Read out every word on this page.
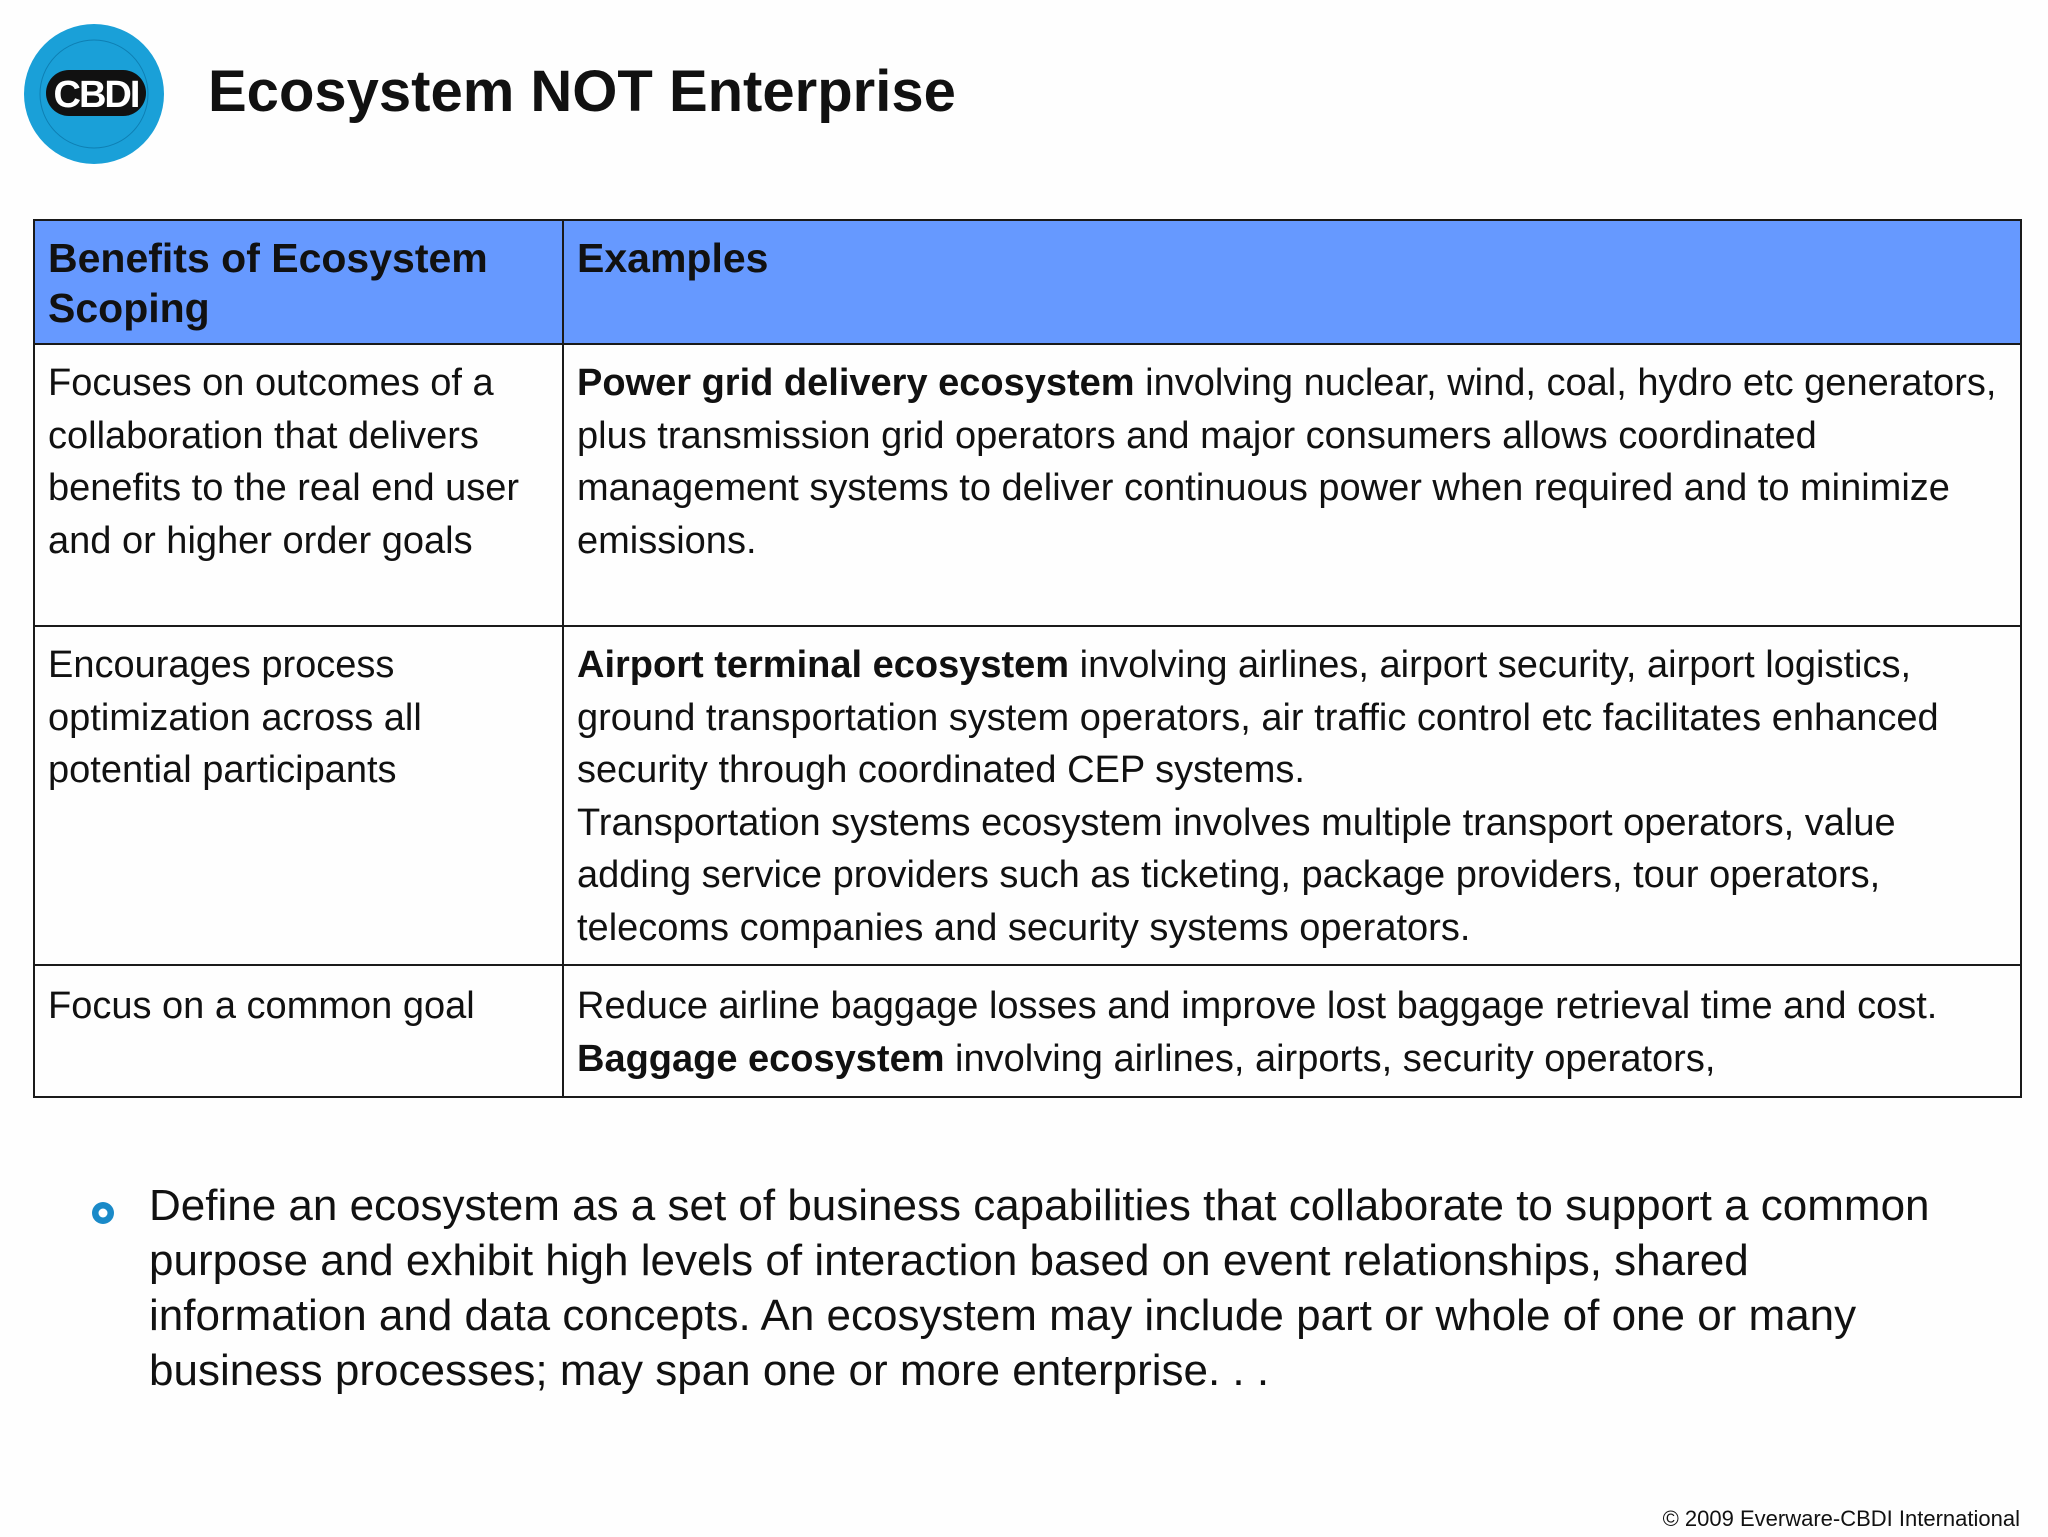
CBDI Ecosystem NOT Enterprise
Benefits of Ecosystem Scoping	Examples
Focuses on outcomes of a collaboration that delivers benefits to the real end user and or higher order goals	Power grid delivery ecosystem involving nuclear, wind, coal, hydro etc generators, plus transmission grid operators and major consumers allows coordinated management systems to deliver continuous power when required and to minimize emissions.

Encourages process optimization across all potential participants	Airport terminal ecosystem involving airlines, airport security, airport logistics, ground transportation system operators, air traffic control etc facilitates enhanced security through coordinated CEP systems.

Transportation systems ecosystem involves multiple transport operators, value adding service providers such as ticketing, package providers, tour operators, telecoms companies and security systems operators.

Focus on a common goal	Reduce airline baggage losses and improve lost baggage retrieval time and cost.

Baggage ecosystem involving airlines, airports, security operators,

Define an ecosystem as a set of business capabilities that collaborate to support a common purpose and exhibit high levels of interaction based on event relationships, shared information and data concepts. An ecosystem may include part or whole of one or many business processes; may span one or more enterprise. . .
© 2009 Everware-CBDI International
